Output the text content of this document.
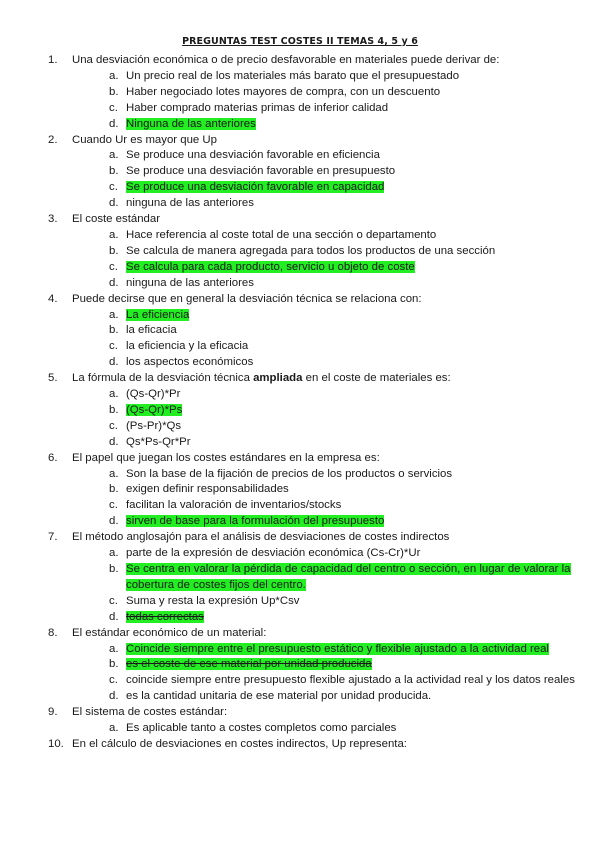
PREGUNTAS TEST COSTES II TEMAS 4, 5 y 6
1.	Una desviación económica o de precio desfavorable en materiales puede derivar de:
a. Un precio real de los materiales más barato que el presupuestado
b. Haber negociado lotes mayores de compra, con un descuento
c. Haber comprado materias primas de inferior calidad
d. Ninguna de las anteriores
2.	Cuando Ur es mayor que Up
a. Se produce una desviación favorable en eficiencia
b. Se produce una desviación favorable en presupuesto
c. Se produce una desviación favorable en capacidad
d. ninguna de las anteriores
3.	El coste estándar
a. Hace referencia al coste total de una sección o departamento
b. Se calcula de manera agregada para todos los productos de una sección
c. Se calcula para cada producto, servicio u objeto de coste
d. ninguna de las anteriores
4.	Puede decirse que en general la desviación técnica se relaciona con:
a. La eficiencia
b. la eficacia
c. la eficiencia y la eficacia
d. los aspectos económicos
5.	La fórmula de la desviación técnica ampliada en el coste de materiales es:
a. (Qs-Qr)*Pr
b. (Qs-Qr)*Ps
c. (Ps-Pr)*Qs
d. Qs*Ps-Qr*Pr
6.	El papel que juegan los costes estándares en la empresa es:
a. Son la base de la fijación de precios de los productos o servicios
b. exigen definir responsabilidades
c. facilitan la valoración de inventarios/stocks
d. sirven de base para la formulación del presupuesto
7.	El método anglosajón para el análisis de desviaciones de costes indirectos
a. parte de la expresión de desviación económica (Cs-Cr)*Ur
b. Se centra en valorar la pérdida de capacidad del centro o sección, en lugar de valorar la cobertura de costes fijos del centro.
c. Suma y resta la expresión Up*Csv
d. todas correctas
8.	El estándar económico de un material:
a. Coincide siempre entre el presupuesto estático y flexible ajustado a la actividad real
b. es el coste de ese material por unidad producida
c. coincide siempre entre presupuesto flexible ajustado a la actividad real y los datos reales
d. es la cantidad unitaria de ese material por unidad producida.
9.	El sistema de costes estándar:
a. Es aplicable tanto a costes completos como parciales
10. En el cálculo de desviaciones en costes indirectos, Up representa:
